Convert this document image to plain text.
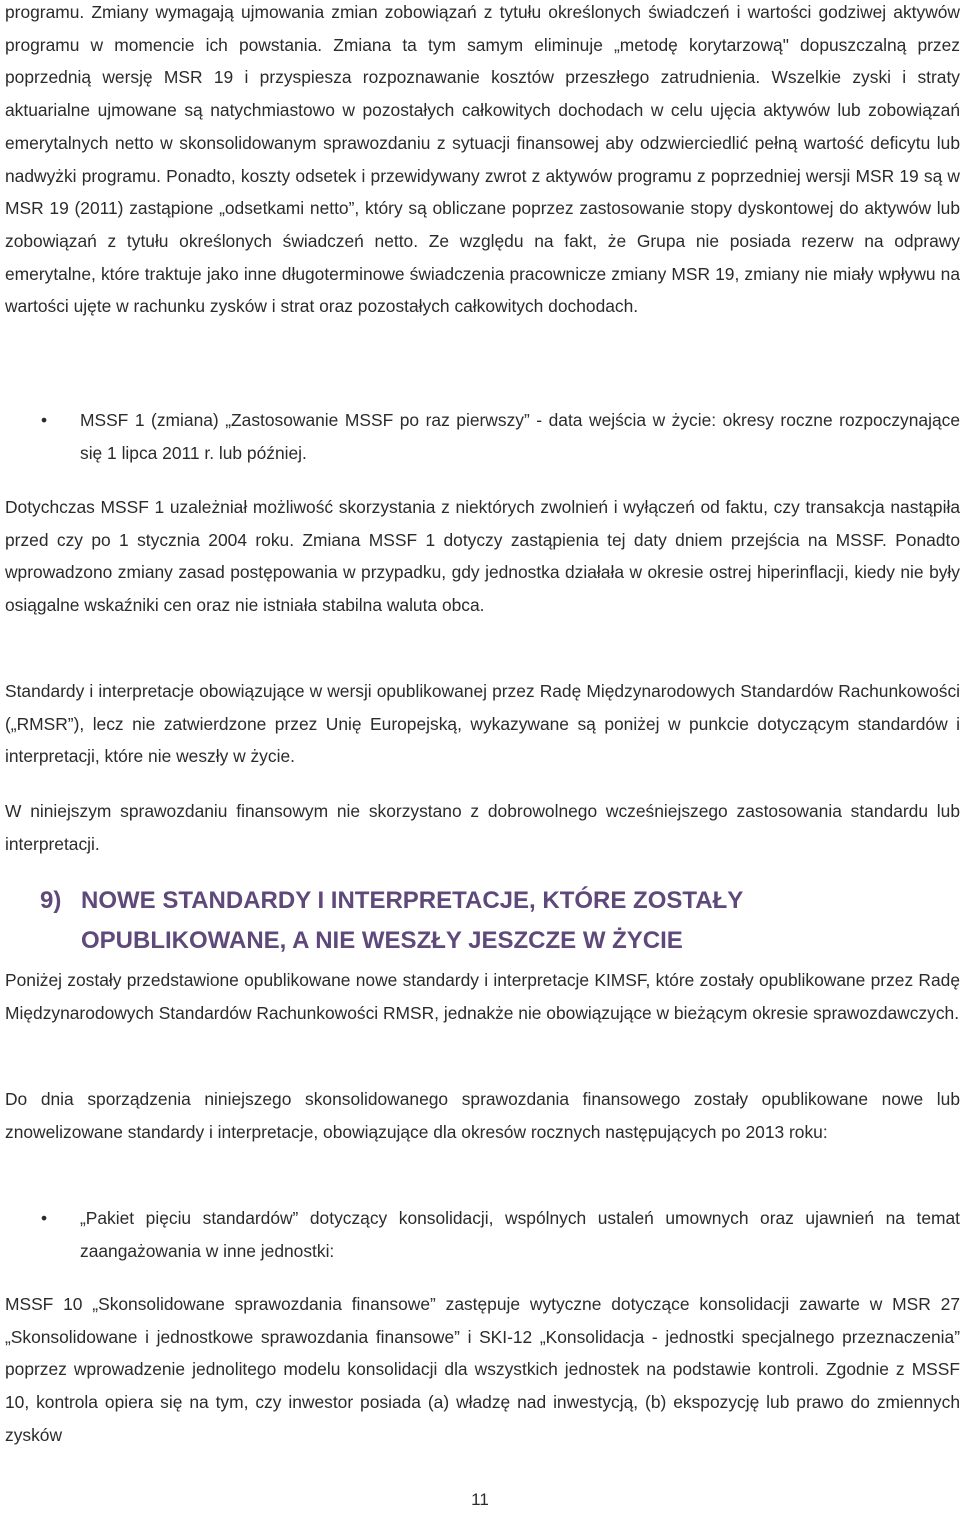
programu. Zmiany wymagają ujmowania zmian zobowiązań z tytułu określonych świadczeń i wartości godziwej aktywów programu w momencie ich powstania. Zmiana ta tym samym eliminuje „metodę korytarzową" dopuszczalną przez poprzednią wersję MSR 19 i przyspiesza rozpoznawanie kosztów przeszłego zatrudnienia. Wszelkie zyski i straty aktuarialne ujmowane są natychmiastowo w pozostałych całkowitych dochodach w celu ujęcia aktywów lub zobowiązań emerytalnych netto w skonsolidowanym sprawozdaniu z sytuacji finansowej aby odzwierciedlić pełną wartość deficytu lub nadwyżki programu. Ponadto, koszty odsetek i przewidywany zwrot z aktywów programu z poprzedniej wersji MSR 19 są w MSR 19 (2011) zastąpione „odsetkami netto”, który są obliczane poprzez zastosowanie stopy dyskontowej do aktywów lub zobowiązań z tytułu określonych świadczeń netto. Ze względu na fakt, że Grupa nie posiada rezerw na odprawy emerytalne, które traktuje jako inne długoterminowe świadczenia pracownicze zmiany MSR 19, zmiany nie miały wpływu na wartości ujęte w rachunku zysków i strat oraz pozostałych całkowitych dochodach.

• MSSF 1 (zmiana) „Zastosowanie MSSF po raz pierwszy” - data wejścia w życie: okresy roczne rozpoczynające się 1 lipca 2011 r. lub później.

Dotychczas MSSF 1 uzależniał możliwość skorzystania z niektórych zwolnień i wyłączeń od faktu, czy transakcja nastąpiła przed czy po 1 stycznia 2004 roku. Zmiana MSSF 1 dotyczy zastąpienia tej daty dniem przejścia na MSSF. Ponadto wprowadzono zmiany zasad postępowania w przypadku, gdy jednostka działała w okresie ostrej hiperinflacji, kiedy nie były osiągalne wskaźniki cen oraz nie istniała stabilna waluta obca.

Standardy i interpretacje obowiązujące w wersji opublikowanej przez Radę Międzynarodowych Standardów Rachunkowości („RMSR”), lecz nie zatwierdzone przez Unię Europejską, wykazywane są poniżej w punkcie dotyczącym standardów i interpretacji, które nie weszły w życie.

W niniejszym sprawozdaniu finansowym nie skorzystano z dobrowolnego wcześniejszego zastosowania standardu lub interpretacji.

9) NOWE STANDARDY I INTERPRETACJE, KTÓRE ZOSTAŁY OPUBLIKOWANE, A NIE WESZŁY JESZCZE W ŻYCIE

Poniżej zostały przedstawione opublikowane nowe standardy i interpretacje KIMSF, które zostały opublikowane przez Radę Międzynarodowych Standardów Rachunkowości RMSR, jednakże nie obowiązujące w bieżącym okresie sprawozdawczych.

Do dnia sporządzenia niniejszego skonsolidowanego sprawozdania finansowego zostały opublikowane nowe lub znowelizowane standardy i interpretacje, obowiązujące dla okresów rocznych następujących po 2013 roku:

• „Pakiet pięciu standardów” dotyczący konsolidacji, wspólnych ustaleń umownych oraz ujawnień na temat zaangażowania w inne jednostki:

MSSF 10 „Skonsolidowane sprawozdania finansowe” zastępuje wytyczne dotyczące konsolidacji zawarte w MSR 27 „Skonsolidowane i jednostkowe sprawozdania finansowe” i SKI-12 „Konsolidacja - jednostki specjalnego przeznaczenia” poprzez wprowadzenie jednolitego modelu konsolidacji dla wszystkich jednostek na podstawie kontroli. Zgodnie z MSSF 10, kontrola opiera się na tym, czy inwestor posiada (a) władzę nad inwestycją, (b) ekspozycję lub prawo do zmiennych zysków

11
